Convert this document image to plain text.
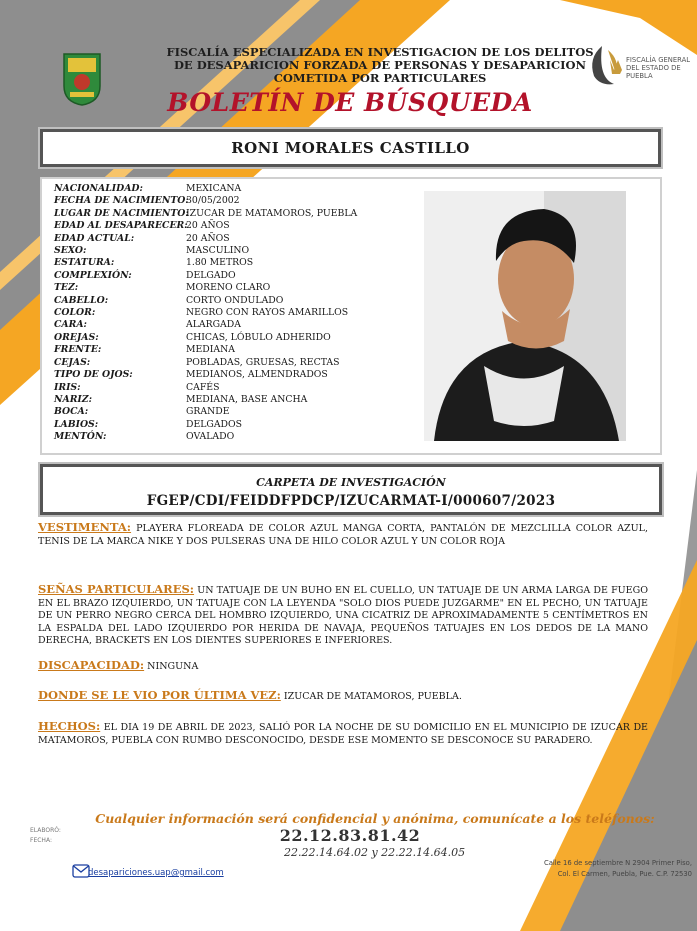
FISCALÍA ESPECIALIZADA EN INVESTIGACION DE LOS DELITOS
DE DESAPARICION FORZADA DE PERSONAS Y DESAPARICION
COMETIDA POR PARTICULARES
BOLETÍN DE BÚSQUEDA
FISCALÍA GENERAL
DEL ESTADO DE
PUEBLA
RONI MORALES CASTILLO
NACIONALIDAD:	MEXICANA
FECHA DE NACIMIENTO:
30/05/2002
LUGAR DE NACIMIENTO:
IZUCAR DE MATAMOROS, PUEBLA
EDAD AL DESAPARECER:
20 AÑOS
EDAD ACTUAL:	20 AÑOS
SEXO:	MASCULINO
ESTATURA:	1.80 METROS
COMPLEXIÓN:	DELGADO
TEZ:	MORENO CLARO
CABELLO:	CORTO ONDULADO
COLOR:	NEGRO CON RAYOS AMARILLOS
CARA:	ALARGADA
OREJAS:	CHICAS, LÓBULO ADHERIDO
FRENTE:	MEDIANA
CEJAS:	POBLADAS, GRUESAS, RECTAS
TIPO DE OJOS:	MEDIANOS, ALMENDRADOS
IRIS:	CAFÉS
NARIZ:	MEDIANA, BASE ANCHA
BOCA:	GRANDE
LABIOS:	DELGADOS
MENTÓN:	OVALADO
CARPETA DE INVESTIGACIÓN
FGEP/CDI/FEIDDFPDCP/IZUCARMAT-I/000607/2023
VESTIMENTA: PLAYERA FLOREADA DE COLOR AZUL MANGA CORTA, PANTALÓN DE MEZCLILLA COLOR AZUL, TENIS DE LA MARCA NIKE Y DOS PULSERAS UNA DE HILO COLOR AZUL Y UN COLOR ROJA
SEÑAS PARTICULARES: UN TATUAJE DE UN BUHO EN EL CUELLO, UN TATUAJE DE UN ARMA LARGA DE FUEGO EN EL BRAZO IZQUIERDO, UN TATUAJE CON LA LEYENDA "SOLO DIOS PUEDE JUZGARME" EN EL PECHO, UN TATUAJE DE UN PERRO NEGRO CERCA DEL HOMBRO IZQUIERDO, UNA CICATRIZ DE APROXIMADAMENTE 5 CENTÍMETROS EN LA ESPALDA DEL LADO IZQUIERDO POR HERIDA DE NAVAJA, PEQUEÑOS TATUAJES EN LOS DEDOS DE LA MANO DERECHA, BRACKETS EN LOS DIENTES SUPERIORES E INFERIORES.
DISCAPACIDAD: NINGUNA
DONDE SE LE VIO POR ÚLTIMA VEZ: IZUCAR DE MATAMOROS, PUEBLA.
HECHOS: EL DIA 19 DE ABRIL DE 2023, SALIÓ POR LA NOCHE DE SU DOMICILIO EN EL MUNICIPIO DE IZUCAR DE MATAMOROS, PUEBLA CON RUMBO DESCONOCIDO, DESDE ESE MOMENTO SE DESCONOCE SU PARADERO.
Cualquier información será confidencial y anónima, comunícate a los teléfonos:
22.12.83.81.42
22.22.14.64.02 y 22.22.14.64.05
ELABORÓ:
FECHA:
desapariciones.uap@gmail.com
Calle 16 de septiembre N 2904 Primer Piso,
Col. El Carmen, Puebla, Pue. C.P. 72530
